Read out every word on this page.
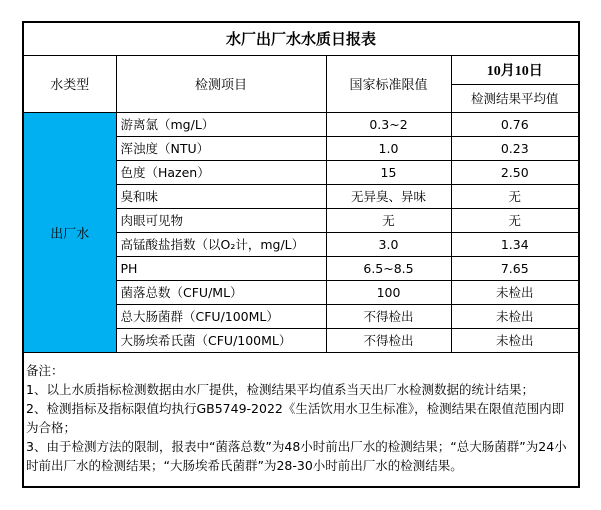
水厂出厂水水质日报表			
水类型	检测项目	国家标准限值	10月10日
			检测结果平均值
出厂水	游离氯（mg/L）	0.3~2	0.76
	浑浊度（NTU）	1.0	0.23
	色度（Hazen）	15	2.50
	臭和味	无异臭、异味	无
	肉眼可见物	无	无
	高锰酸盐指数（以O₂计，mg/L）	3.0	1.34
	PH	6.5~8.5	7.65
	菌落总数（CFU/ML）	100	未检出
	总大肠菌群（CFU/100ML）	不得检出	未检出
	大肠埃希氏菌（CFU/100ML）	不得检出	未检出

备注：
1、以上水质指标检测数据由水厂提供，检测结果平均值系当天出厂水检测数据的统计结果；
2、检测指标及指标限值均执行GB5749-2022《生活饮用水卫生标准》，检测结果在限值范围内即为合格；
3、由于检测方法的限制，报表中“菌落总数”为48小时前出厂水的检测结果；“总大肠菌群”为24小时前出厂水的检测结果；“大肠埃希氏菌群”为28-30小时前出厂水的检测结果。			
